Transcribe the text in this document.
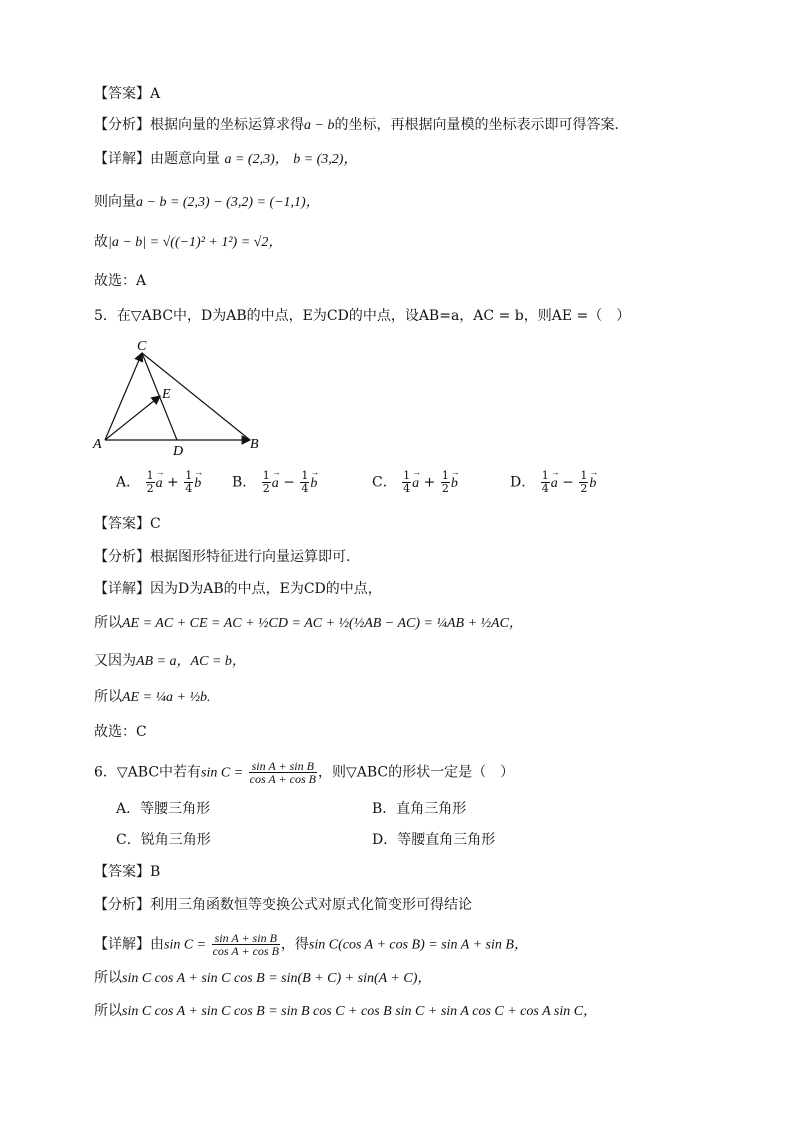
【答案】A
【分析】根据向量的坐标运算求得a − b的坐标，再根据向量模的坐标表示即可得答案.
【详解】由题意向量 a = (2,3)， b = (3,2)，
则向量a − b = (2,3) − (3,2) = (−1,1)，
故|a − b| = √((−1)² + 1²) = √2，
故选：A
5．在▽ABC中，D为AB的中点，E为CD的中点，设AB=a，AC = b，则AE =（　）
C
E
A	D	B
A． $\frac{1}{2}$
→ $a + \frac{1}{4}$
→ b B． $\frac{1}{2}$
→ $a - \frac{1}{4}$
→ b	C． $\frac{1}{4}$
→ $a + \frac{1}{2}$
→ b	D． $\frac{1}{4}$
→ $a - \frac{1}{2}$
→ b
【答案】C
【分析】根据图形特征进行向量运算即可.
【详解】因为D为AB的中点，E为CD的中点，
所以AE = AC + CE = AC + ½CD = AC + ½(½AB − AC) = ¼AB + ½AC，
又因为AB = a，AC = b，
所以AE = ¼a + ½b.
故选：C
6．▽ABC中若有$\sin C = \frac{\text{sin A + sin B}}{\text{cos A + cos B}}$ ，则▽ABC的形状一定是（　）
A．等腰三角形	B．直角三角形
C．锐角三角形	D．等腰直角三角形
【答案】B
【分析】利用三角函数恒等变换公式对原式化简变形可得结论
【详解】由$\sin C = \frac{\text{sin A + sin B}}{\text{cos A + cos B}}$ ，得sin C(cos A + cos B) = sin A + sin B，
所以sin C cos A + sin C cos B = sin(B + C) + sin(A + C)，
所以sin C cos A + sin C cos B = sin B cos C + cos B sin C + sin A cos C + cos A sin C，
